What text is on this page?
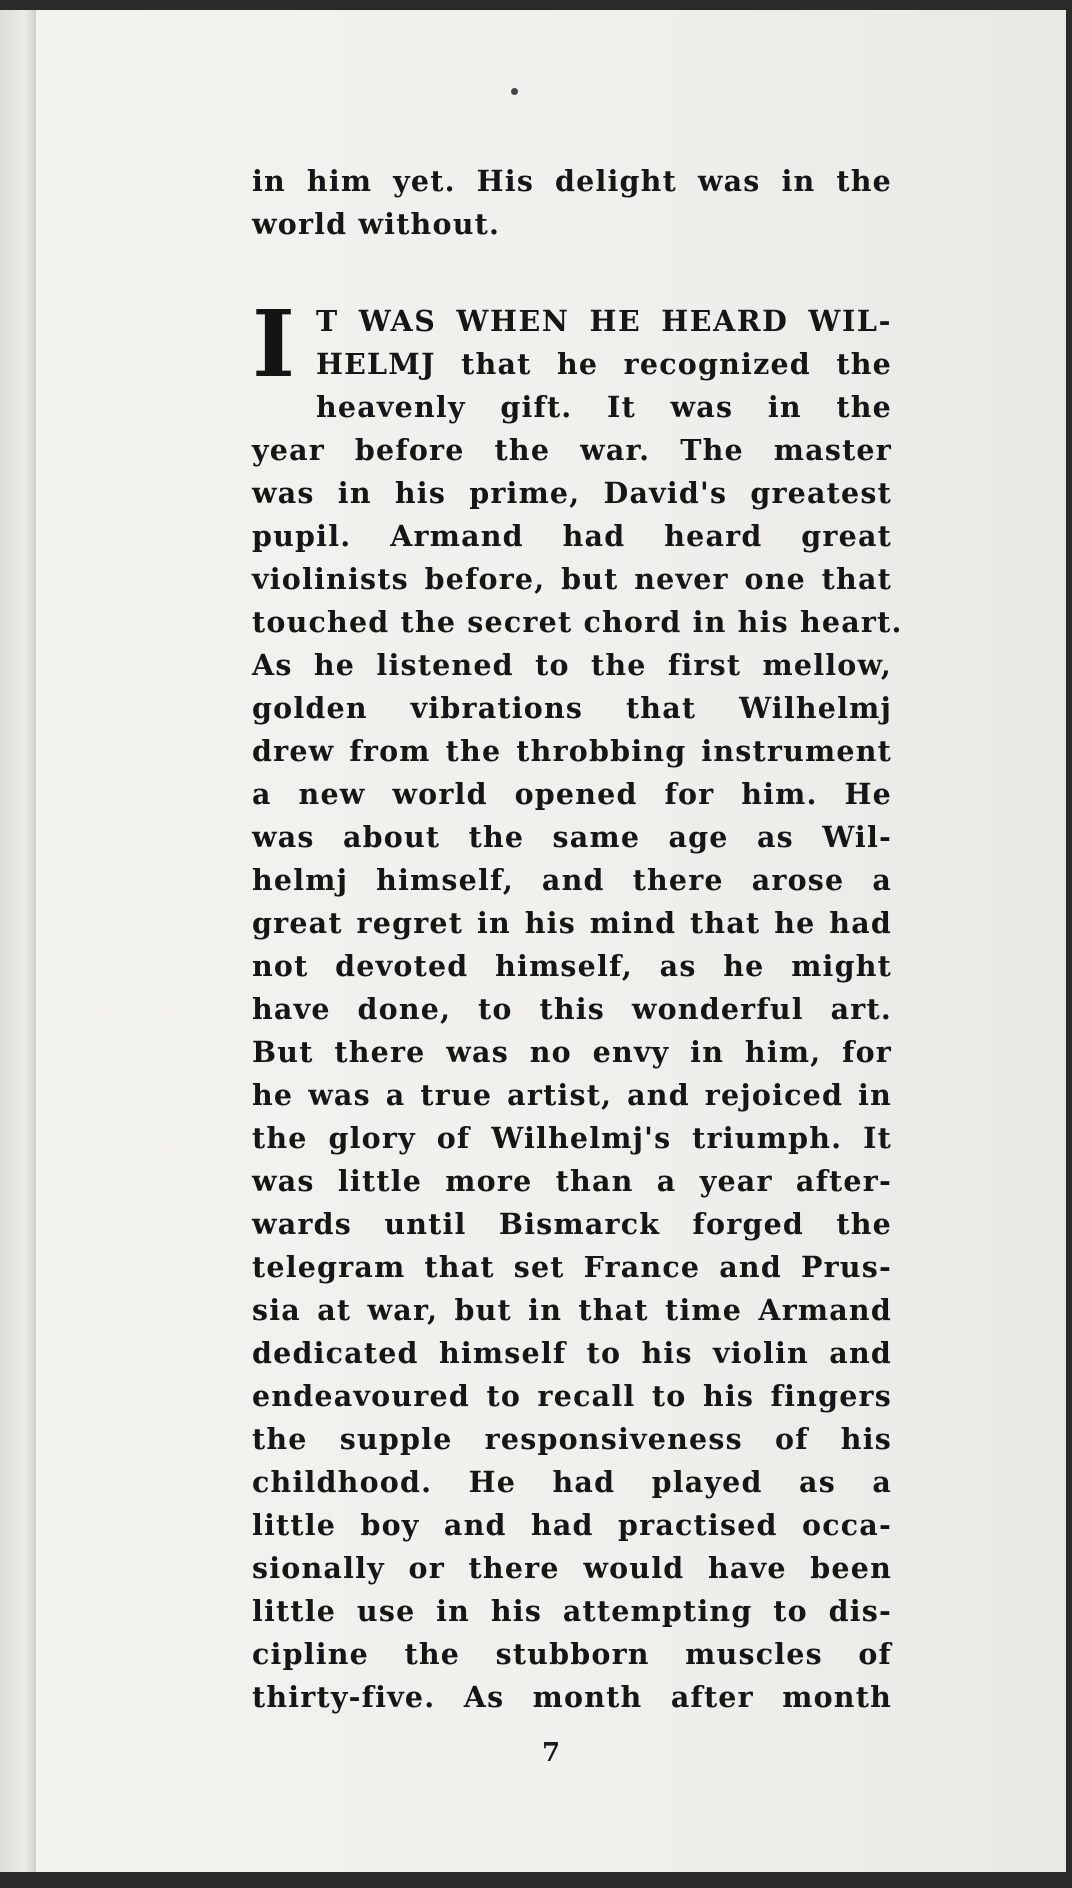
in him yet. His delight was in the
world without.
I T WAS WHEN HE HEARD WIL-
HELMJ that he recognized the
heavenly gift. It was in the
year before the war. The master
was in his prime, David's greatest
pupil. Armand had heard great
violinists before, but never one that
touched the secret chord in his heart.
As he listened to the first mellow,
golden vibrations that Wilhelmj
drew from the throbbing instrument
a new world opened for him. He
was about the same age as Wil-
helmj himself, and there arose a
great regret in his mind that he had
not devoted himself, as he might
have done, to this wonderful art.
But there was no envy in him, for
he was a true artist, and rejoiced in
the glory of Wilhelmj's triumph. It
was little more than a year after-
wards until Bismarck forged the
telegram that set France and Prus-
sia at war, but in that time Armand
dedicated himself to his violin and
endeavoured to recall to his fingers
the supple responsiveness of his
childhood. He had played as a
little boy and had practised occa-
sionally or there would have been
little use in his attempting to dis-
cipline the stubborn muscles of
thirty-five. As month after month
7
